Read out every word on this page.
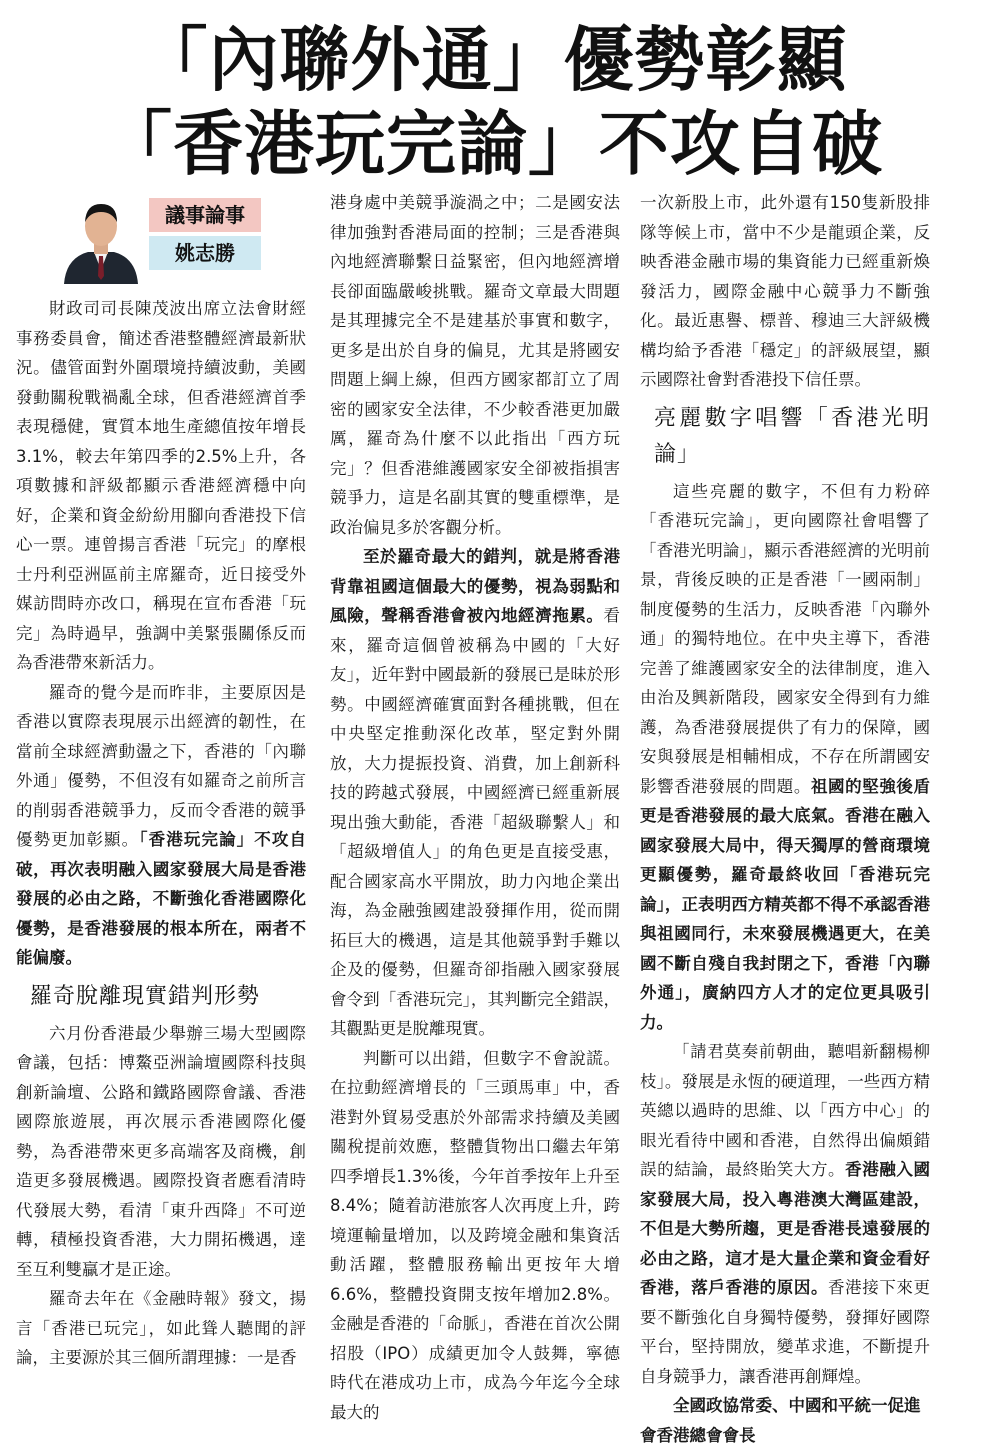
「內聯外通」優勢彰顯
「香港玩完論」不攻自破
議事論事
姚志勝

財政司司長陳茂波出席立法會財經事務委員會，簡述香港整體經濟最新狀況。儘管面對外圍環境持續波動，美國發動關稅戰禍亂全球，但香港經濟首季表現穩健，實質本地生產總值按年增長3.1%，較去年第四季的2.5%上升，各項數據和評級都顯示香港經濟穩中向好，企業和資金紛紛用腳向香港投下信心一票。連曾揚言香港「玩完」的摩根士丹利亞洲區前主席羅奇，近日接受外媒訪問時亦改口，稱現在宣布香港「玩完」為時過早，強調中美緊張關係反而為香港帶來新活力。

羅奇的覺今是而昨非，主要原因是香港以實際表現展示出經濟的韌性，在當前全球經濟動盪之下，香港的「內聯外通」優勢，不但沒有如羅奇之前所言的削弱香港競爭力，反而令香港的競爭優勢更加彰顯。「香港玩完論」不攻自破，再次表明融入國家發展大局是香港發展的必由之路，不斷強化香港國際化優勢，是香港發展的根本所在，兩者不能偏廢。

羅奇脫離現實錯判形勢

六月份香港最少舉辦三場大型國際會議，包括：博鰲亞洲論壇國際科技與創新論壇、公路和鐵路國際會議、香港國際旅遊展，再次展示香港國際化優勢，為香港帶來更多高端客及商機，創造更多發展機遇。國際投資者應看清時代發展大勢，看清「東升西降」不可逆轉，積極投資香港，大力開拓機遇，達至互利雙贏才是正途。

羅奇去年在《金融時報》發文，揚言「香港已玩完」，如此聳人聽聞的評論，主要源於其三個所謂理據：一是香

港身處中美競爭漩渦之中；二是國安法律加強對香港局面的控制；三是香港與內地經濟聯繫日益緊密，但內地經濟增長卻面臨嚴峻挑戰。羅奇文章最大問題是其理據完全不是建基於事實和數字，更多是出於自身的偏見，尤其是將國安問題上綱上線，但西方國家都訂立了周密的國家安全法律，不少較香港更加嚴厲，羅奇為什麼不以此指出「西方玩完」？但香港維護國家安全卻被指損害競爭力，這是名副其實的雙重標準，是政治偏見多於客觀分析。

至於羅奇最大的錯判，就是將香港背靠祖國這個最大的優勢，視為弱點和風險，聲稱香港會被內地經濟拖累。看來，羅奇這個曾被稱為中國的「大好友」，近年對中國最新的發展已是昧於形勢。中國經濟確實面對各種挑戰，但在中央堅定推動深化改革，堅定對外開放，大力提振投資、消費，加上創新科技的跨越式發展，中國經濟已經重新展現出強大動能，香港「超級聯繫人」和「超級增值人」的角色更是直接受惠，配合國家高水平開放，助力內地企業出海，為金融強國建設發揮作用，從而開拓巨大的機遇，這是其他競爭對手難以企及的優勢，但羅奇卻指融入國家發展會令到「香港玩完」，其判斷完全錯誤，其觀點更是脫離現實。

判斷可以出錯，但數字不會說謊。在拉動經濟增長的「三頭馬車」中，香港對外貿易受惠於外部需求持續及美國關稅提前效應，整體貨物出口繼去年第四季增長1.3%後，今年首季按年上升至8.4%；隨着訪港旅客人次再度上升，跨境運輸量增加，以及跨境金融和集資活動活躍，整體服務輸出更按年大增6.6%，整體投資開支按年增加2.8%。金融是香港的「命脈」，香港在首次公開招股（IPO）成績更加令人鼓舞，寧德時代在港成功上市，成為今年迄今全球最大的

一次新股上市，此外還有150隻新股排隊等候上市，當中不少是龍頭企業，反映香港金融市場的集資能力已經重新煥發活力，國際金融中心競爭力不斷強化。最近惠譽、標普、穆迪三大評級機構均給予香港「穩定」的評級展望，顯示國際社會對香港投下信任票。

亮麗數字唱響「香港光明論」

這些亮麗的數字，不但有力粉碎「香港玩完論」，更向國際社會唱響了「香港光明論」，顯示香港經濟的光明前景，背後反映的正是香港「一國兩制」制度優勢的生活力，反映香港「內聯外通」的獨特地位。在中央主導下，香港完善了維護國家安全的法律制度，進入由治及興新階段，國家安全得到有力維護，為香港發展提供了有力的保障，國安與發展是相輔相成，不存在所謂國安影響香港發展的問題。祖國的堅強後盾更是香港發展的最大底氣。香港在融入國家發展大局中，得天獨厚的營商環境更顯優勢，羅奇最終收回「香港玩完論」，正表明西方精英都不得不承認香港與祖國同行，未來發展機遇更大，在美國不斷自殘自我封閉之下，香港「內聯外通」，廣納四方人才的定位更具吸引力。

「請君莫奏前朝曲，聽唱新翻楊柳枝」。發展是永恆的硬道理，一些西方精英總以過時的思維、以「西方中心」的眼光看待中國和香港，自然得出偏頗錯誤的結論，最終貽笑大方。香港融入國家發展大局，投入粵港澳大灣區建設，不但是大勢所趨，更是香港長遠發展的必由之路，這才是大量企業和資金看好香港，落戶香港的原因。香港接下來更要不斷強化自身獨特優勢，發揮好國際平台，堅持開放，變革求進，不斷提升自身競爭力，讓香港再創輝煌。

全國政協常委、中國和平統一促進

會香港總會會長
